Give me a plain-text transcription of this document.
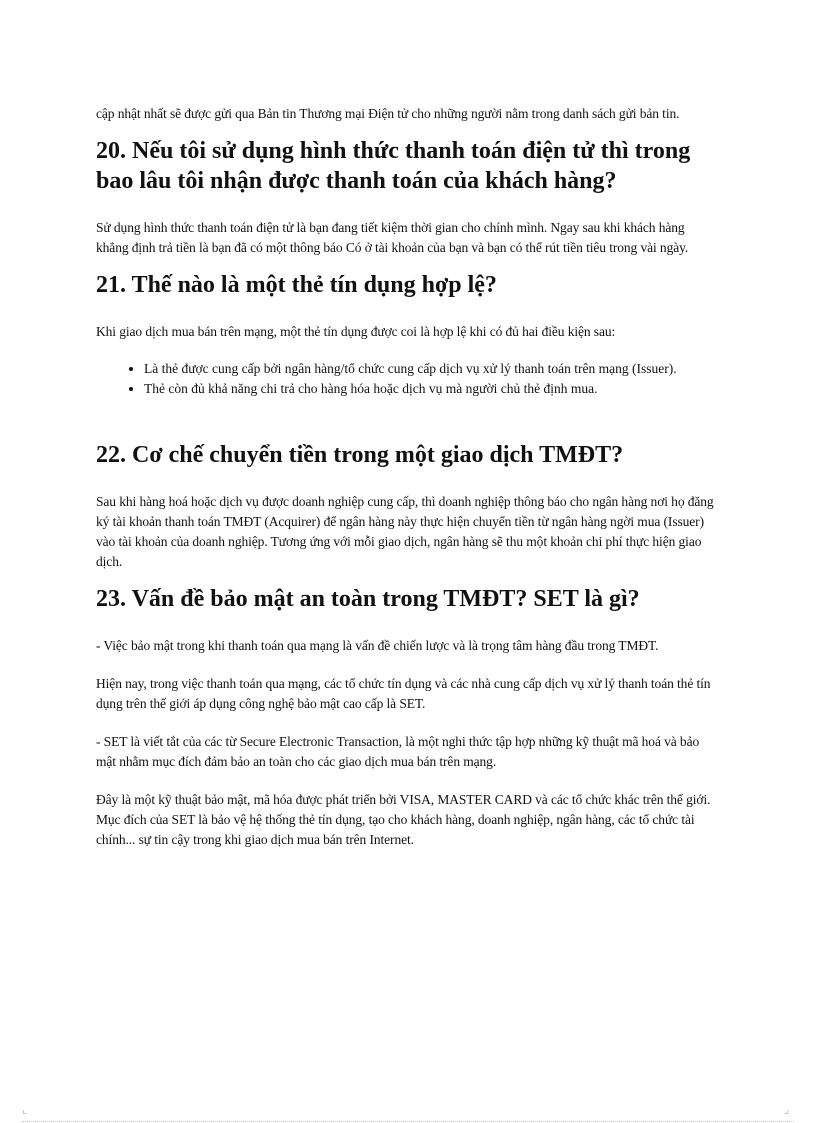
cập nhật nhất sẽ được gửi qua Bản tin Thương mại Điện tử cho những người nằm trong danh sách gửi bản tin.

20. Nếu tôi sử dụng hình thức thanh toán điện tử thì trong bao lâu tôi nhận được thanh toán của khách hàng?

Sử dụng hình thức thanh toán điện tử là bạn đang tiết kiệm thời gian cho chính mình. Ngay sau khi khách hàng khẳng định trả tiền là bạn đã có một thông báo Có ở tài khoản của bạn và bạn có thể rút tiền tiêu trong vài ngày.

21. Thế nào là một thẻ tín dụng hợp lệ?

Khi giao dịch mua bán trên mạng, một thẻ tín dụng được coi là hợp lệ khi có đủ hai điều kiện sau:

• Là thẻ được cung cấp bởi ngân hàng/tổ chức cung cấp dịch vụ xử lý thanh toán trên mạng (Issuer).
• Thẻ còn đủ khả năng chi trả cho hàng hóa hoặc dịch vụ mà người chủ thẻ định mua.
22. Cơ chế chuyển tiền trong một giao dịch TMĐT?

Sau khi hàng hoá hoặc dịch vụ được doanh nghiệp cung cấp, thì doanh nghiệp thông báo cho ngân hàng nơi họ đăng ký tài khoản thanh toán TMĐT (Acquirer) để ngân hàng này thực hiện chuyển tiền từ ngân hàng ngời mua (Issuer) vào tài khoản của doanh nghiệp. Tương ứng với mỗi giao dịch, ngân hàng sẽ thu một khoản chi phí thực hiện giao dịch.

23. Vấn đề bảo mật an toàn trong TMĐT? SET là gì?

- Việc bảo mật trong khi thanh toán qua mạng là vấn đề chiến lược và là trọng tâm hàng đầu trong TMĐT.

Hiện nay, trong việc thanh toán qua mạng, các tổ chức tín dụng và các nhà cung cấp dịch vụ xử lý thanh toán thẻ tín dụng trên thế giới áp dụng công nghệ bảo mật cao cấp là SET.

- SET là viết tắt của các từ Secure Electronic Transaction, là một nghi thức tập hợp những kỹ thuật mã hoá và bảo mật nhằm mục đích đảm bảo an toàn cho các giao dịch mua bán trên mạng.

Đây là một kỹ thuật bảo mật, mã hóa được phát triển bởi VISA, MASTER CARD và các tổ chức khác trên thế giới. Mục đích của SET là bảo vệ hệ thống thẻ tín dụng, tạo cho khách hàng, doanh nghiệp, ngân hàng, các tổ chức tài chính... sự tin cậy trong khi giao dịch mua bán trên Internet.

⌞	⌟
